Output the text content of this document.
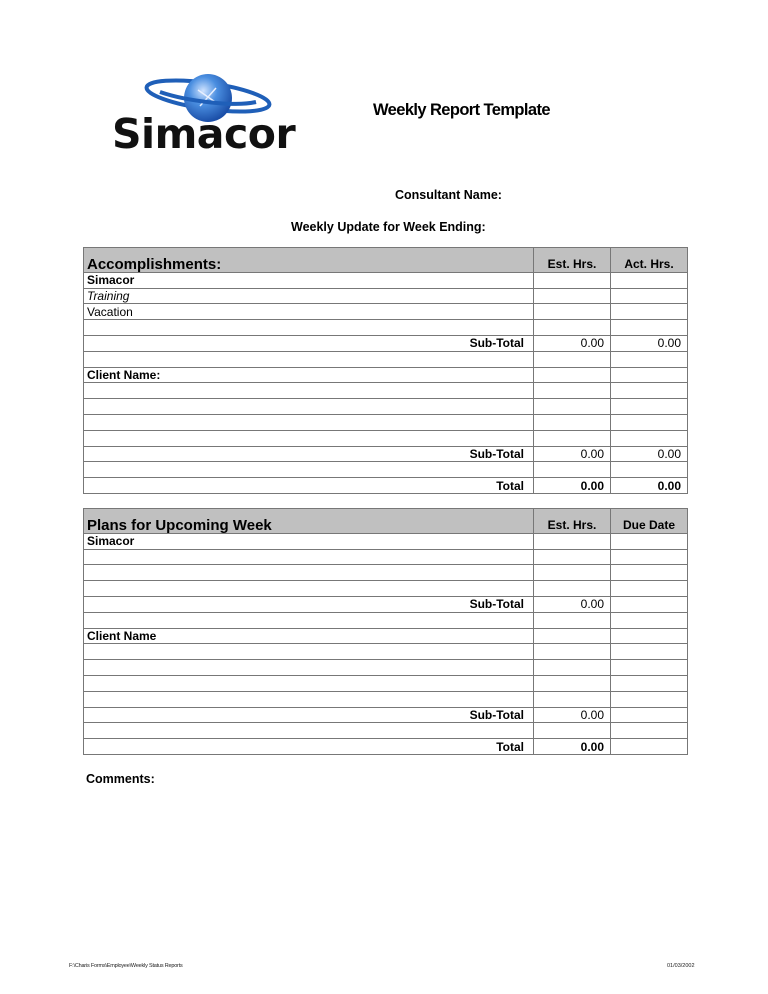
Simacor	Weekly Report Template
Consultant Name:
Weekly Update for Week Ending:
Accomplishments:	Est. Hrs.	Act. Hrs.
Simacor		
Training		
Vacation		

Sub-Total	0.00	0.00

Client Name:		

Sub-Total	0.00	0.00

Total	0.00	0.00
Plans for Upcoming Week	Est. Hrs.	Due Date
Simacor		

Sub-Total	0.00	

Client Name		

Sub-Total	0.00	

Total	0.00	
Comments:
F:\Charis Forms\Employee\Weekly Status Reports	01/03/2002
